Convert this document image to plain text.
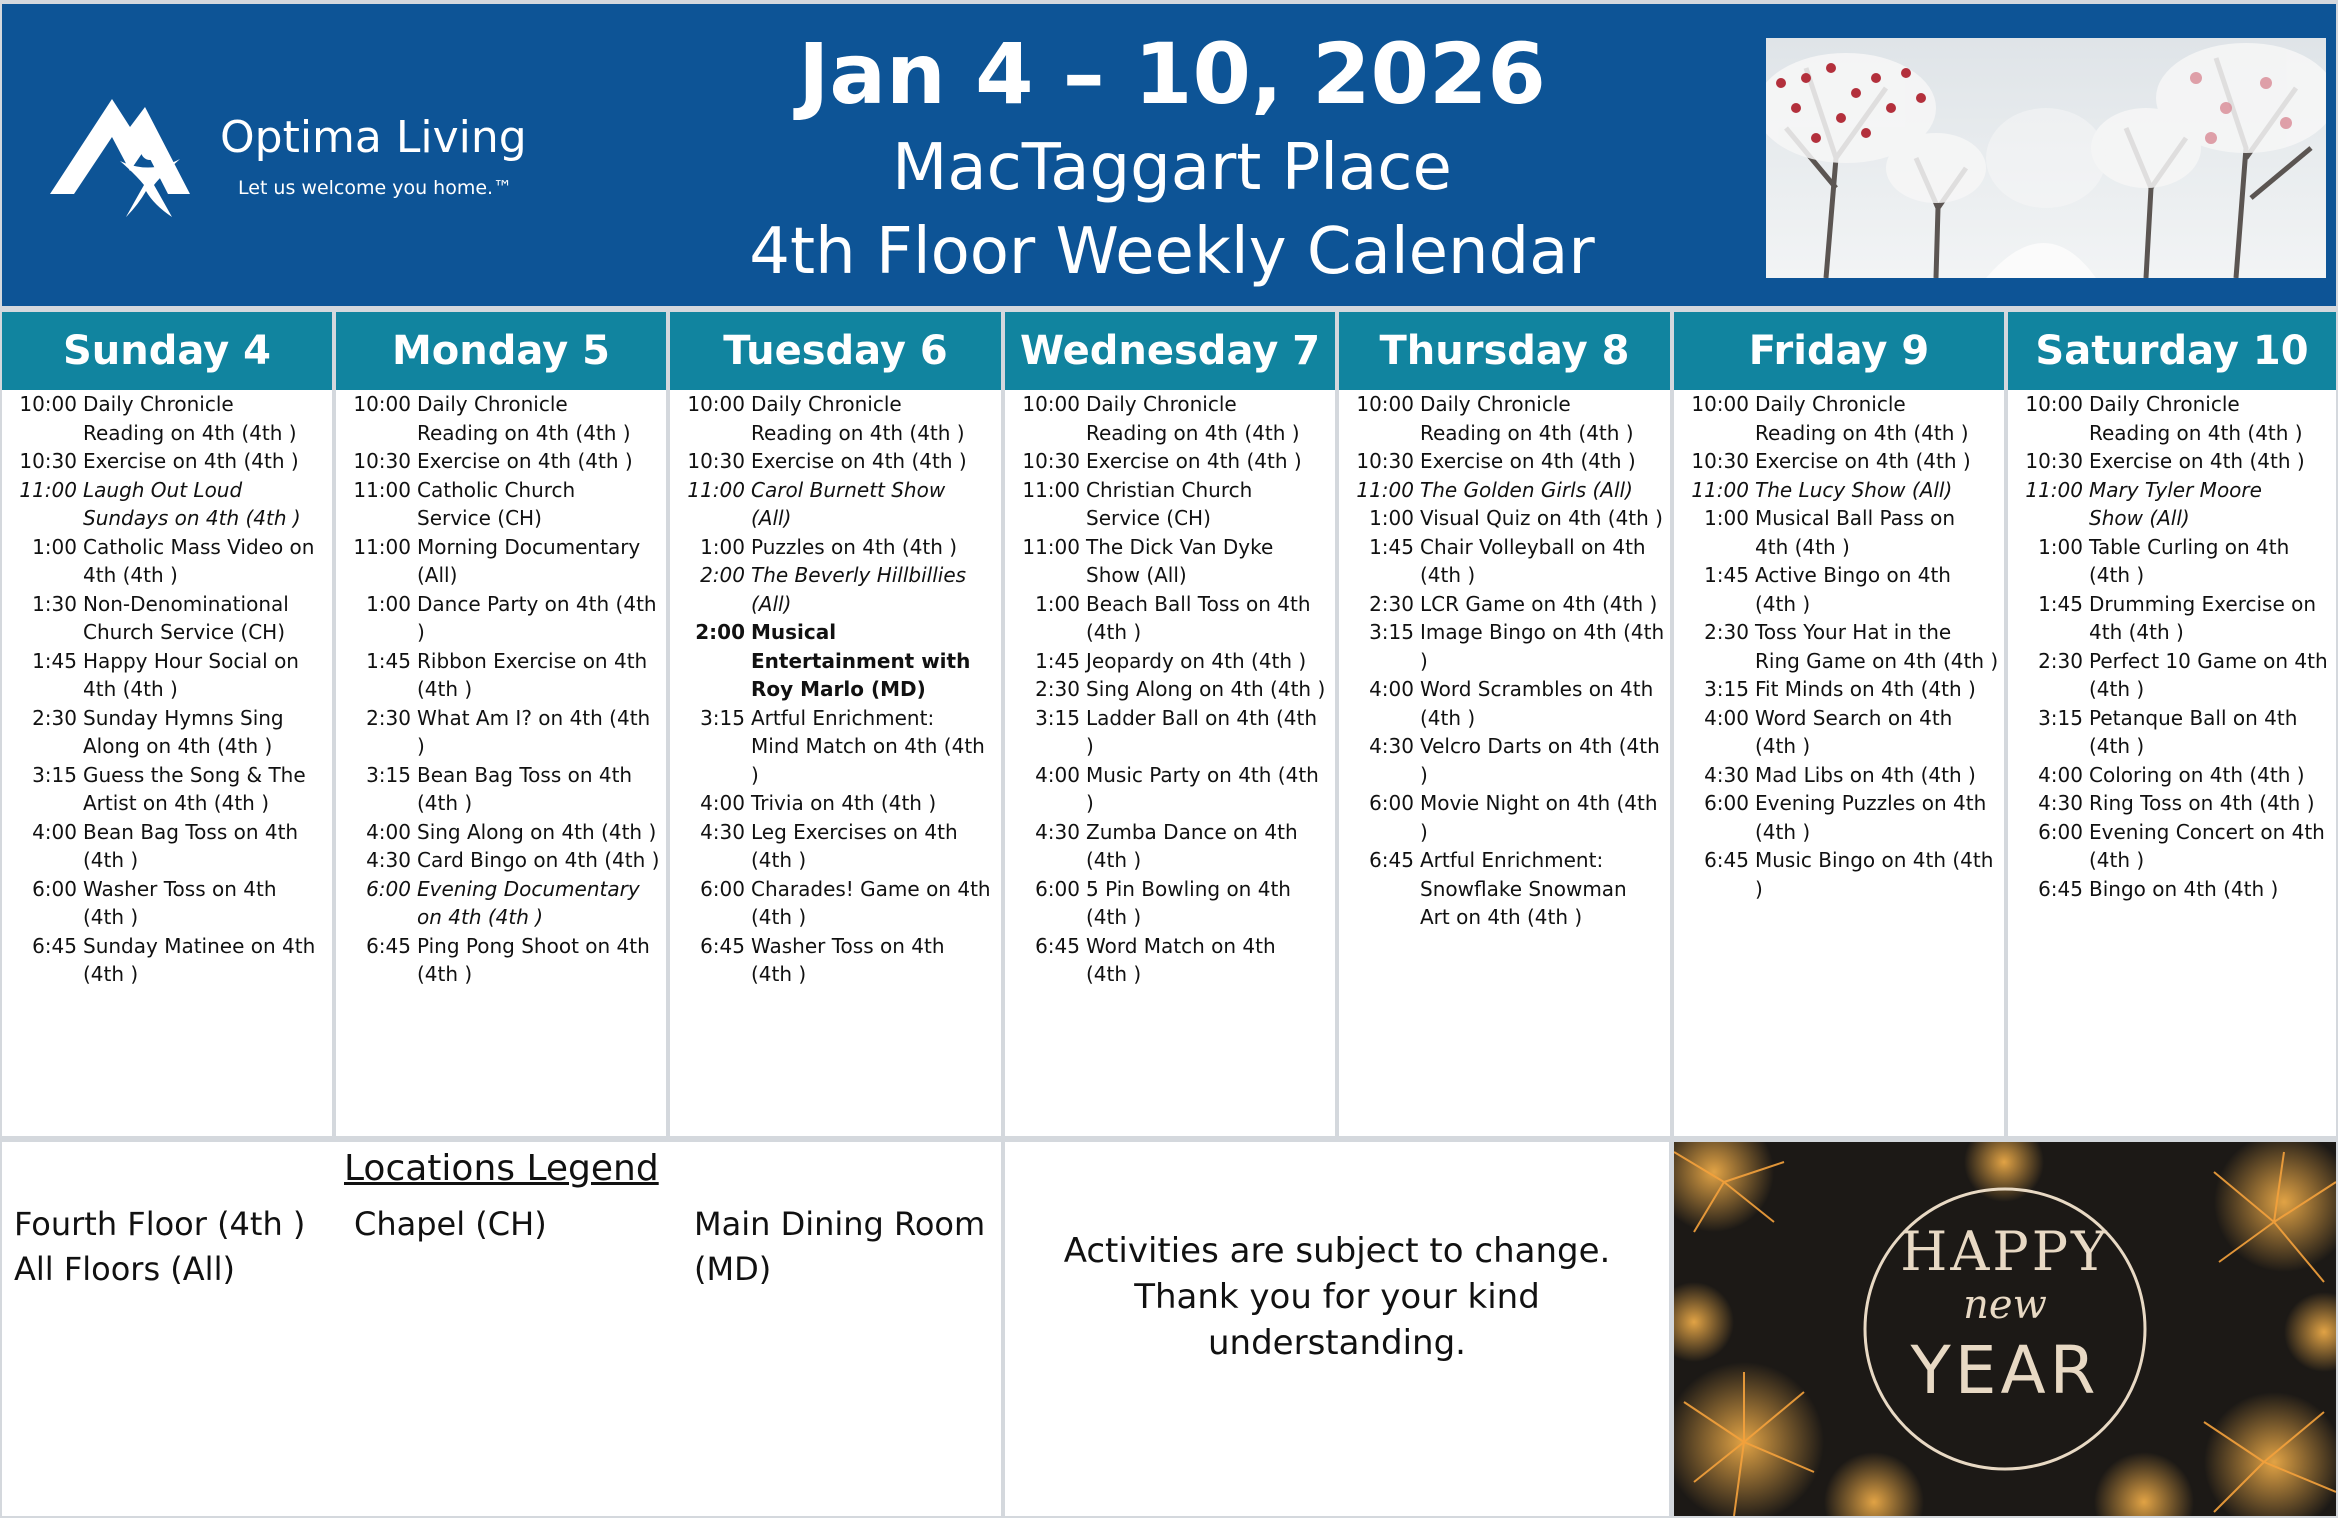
Optima Living
Let us welcome you home.™
Jan 4 – 10, 2026
MacTaggart Place
4th Floor Weekly Calendar
Sunday 4
10:00 Daily Chronicle
Reading on 4th (4th )
10:30 Exercise on 4th (4th )
11:00 Laugh Out Loud
Sundays on 4th (4th )
1:00 Catholic Mass Video on
4th (4th )
1:30 Non-Denominational
Church Service (CH)
1:45 Happy Hour Social on
4th (4th )
2:30 Sunday Hymns Sing
Along on 4th (4th )
3:15 Guess the Song & The
Artist on 4th (4th )
4:00 Bean Bag Toss on 4th
(4th )
6:00 Washer Toss on 4th
(4th )
6:45 Sunday Matinee on 4th
(4th )
Monday 5
10:00 Daily Chronicle
Reading on 4th (4th )
10:30 Exercise on 4th (4th )
11:00 Catholic Church
Service (CH)
11:00 Morning Documentary
(All)
1:00 Dance Party on 4th (4th
)
1:45 Ribbon Exercise on 4th
(4th )
2:30 What Am I? on 4th (4th
)
3:15 Bean Bag Toss on 4th
(4th )
4:00 Sing Along on 4th (4th )
4:30 Card Bingo on 4th (4th )
6:00 Evening Documentary
on 4th (4th )
6:45 Ping Pong Shoot on 4th
(4th )
Tuesday 6
10:00 Daily Chronicle
Reading on 4th (4th )
10:30 Exercise on 4th (4th )
11:00 Carol Burnett Show
(All)
1:00 Puzzles on 4th (4th )
2:00 The Beverly Hillbillies
(All)
2:00 Musical
Entertainment with
Roy Marlo (MD)
3:15 Artful Enrichment:
Mind Match on 4th (4th
)
4:00 Trivia on 4th (4th )
4:30 Leg Exercises on 4th
(4th )
6:00 Charades! Game on 4th
(4th )
6:45 Washer Toss on 4th
(4th )
Wednesday 7
10:00 Daily Chronicle
Reading on 4th (4th )
10:30 Exercise on 4th (4th )
11:00 Christian Church
Service (CH)
11:00 The Dick Van Dyke
Show (All)
1:00 Beach Ball Toss on 4th
(4th )
1:45 Jeopardy on 4th (4th )
2:30 Sing Along on 4th (4th )
3:15 Ladder Ball on 4th (4th )
4:00 Music Party on 4th (4th
)
4:30 Zumba Dance on 4th
(4th )
6:00 5 Pin Bowling on 4th
(4th )
6:45 Word Match on 4th
(4th )
Thursday 8
10:00 Daily Chronicle
Reading on 4th (4th )
10:30 Exercise on 4th (4th )
11:00 The Golden Girls (All)
1:00 Visual Quiz on 4th (4th )
1:45 Chair Volleyball on 4th
(4th )
2:30 LCR Game on 4th (4th )
3:15 Image Bingo on 4th (4th
)
4:00 Word Scrambles on 4th
(4th )
4:30 Velcro Darts on 4th (4th
)
6:00 Movie Night on 4th (4th
)
6:45 Artful Enrichment:
Snowflake Snowman
Art on 4th (4th )
Friday 9
10:00 Daily Chronicle
Reading on 4th (4th )
10:30 Exercise on 4th (4th )
11:00 The Lucy Show (All)
1:00 Musical Ball Pass on
4th (4th )
1:45 Active Bingo on 4th
(4th )
2:30 Toss Your Hat in the
Ring Game on 4th (4th )
3:15 Fit Minds on 4th (4th )
4:00 Word Search on 4th
(4th )
4:30 Mad Libs on 4th (4th )
6:00 Evening Puzzles on 4th
(4th )
6:45 Music Bingo on 4th (4th
)
Saturday 10
10:00 Daily Chronicle
Reading on 4th (4th )
10:30 Exercise on 4th (4th )
11:00 Mary Tyler Moore
Show (All)
1:00 Table Curling on 4th
(4th )
1:45 Drumming Exercise on
4th (4th )
2:30 Perfect 10 Game on 4th
(4th )
3:15 Petanque Ball on 4th
(4th )
4:00 Coloring on 4th (4th )
4:30 Ring Toss on 4th (4th )
6:00 Evening Concert on 4th
(4th )
6:45 Bingo on 4th (4th )
Locations Legend
Fourth Floor (4th )
All Floors (All)
Chapel (CH)	Main Dining Room
(MD)	Activities are subject to change.
Thank you for your kind
understanding.
HAPPY
new
YEAR
